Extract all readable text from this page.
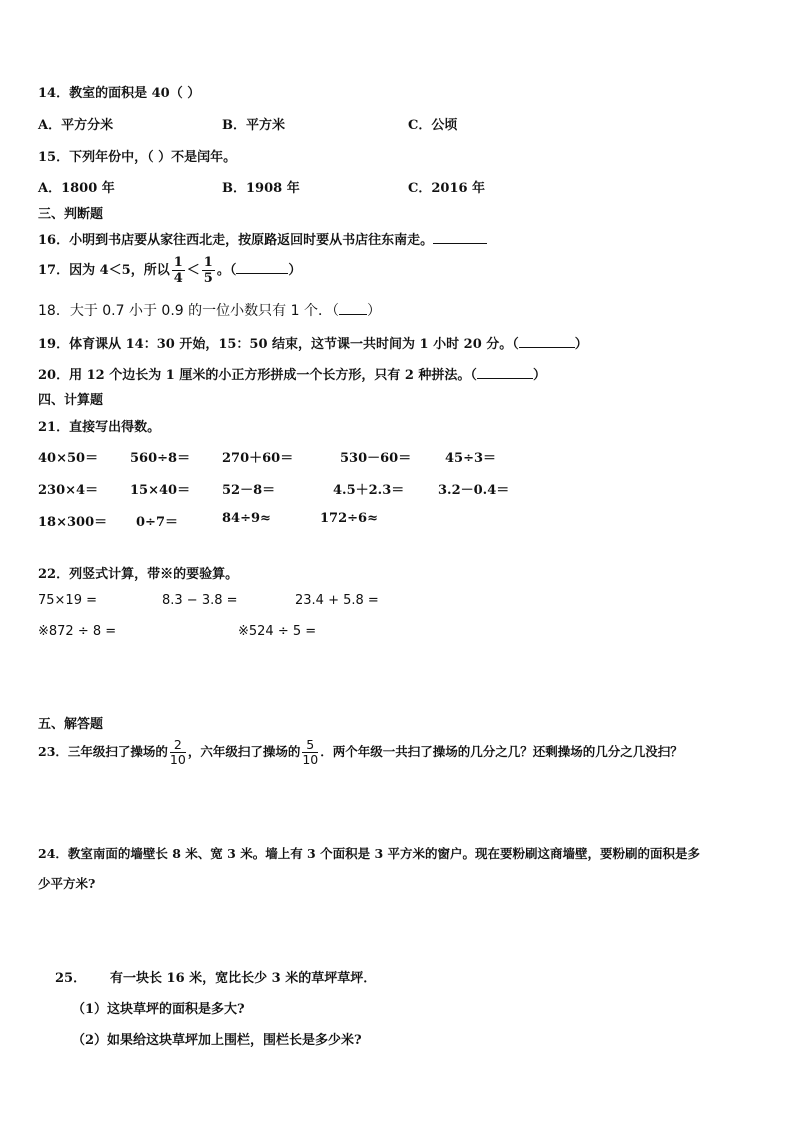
14．教室的面积是 40（ ）
A．平方分米	B．平方米	C．公顷
15．下列年份中，（ ）不是闰年。
A．1800 年	B．1908 年	C．2016 年
三、判断题
16．小明到书店要从家往西北走，按原路返回时要从书店往东南走。
17．因为 4＜5，所以 $\frac{1}{4} < \frac{1}{5}$ 。（	）
18．大于 0.7 小于 0.9 的一位小数只有 1 个．（ ）
19．体育课从 14：30 开始，15：50 结束，这节课一共时间为 1 小时 20 分。（	）
20．用 12 个边长为 1 厘米的小正方形拼成一个长方形，只有 2 种拼法。（	）
四、计算题
21．直接写出得数。
40×50＝ 560÷8＝ 270＋60＝	530－60＝	45÷3＝
230×4＝ 15×40＝ 52－8＝	4.5＋2.3＝	3.2－0.4＝
18×300＝ 0÷7＝	84÷9≈	172÷6≈
22．列竖式计算，带※的要验算。
75×19 =	8.3 − 3.8 =	23.4 + 5.8 =
※872 ÷ 8 =	※524 ÷ 5 =
五、解答题
23．三年级扫了操场的 $\frac{2}{10}$ ，六年级扫了操场的 $\frac{5}{10}$ ．两个年级一共扫了操场的几分之几？还剩操场的几分之几没扫？
24．教室南面的墙壁长 8 米、宽 3 米。墙上有 3 个面积是 3 平方米的窗户。现在要粉刷这商墙壁，要粉刷的面积是多
少平方米?
25． 有一块长 16 米，宽比长少 3 米的草坪草坪．
（1）这块草坪的面积是多大?
（2）如果给这块草坪加上围栏，围栏长是多少米?
